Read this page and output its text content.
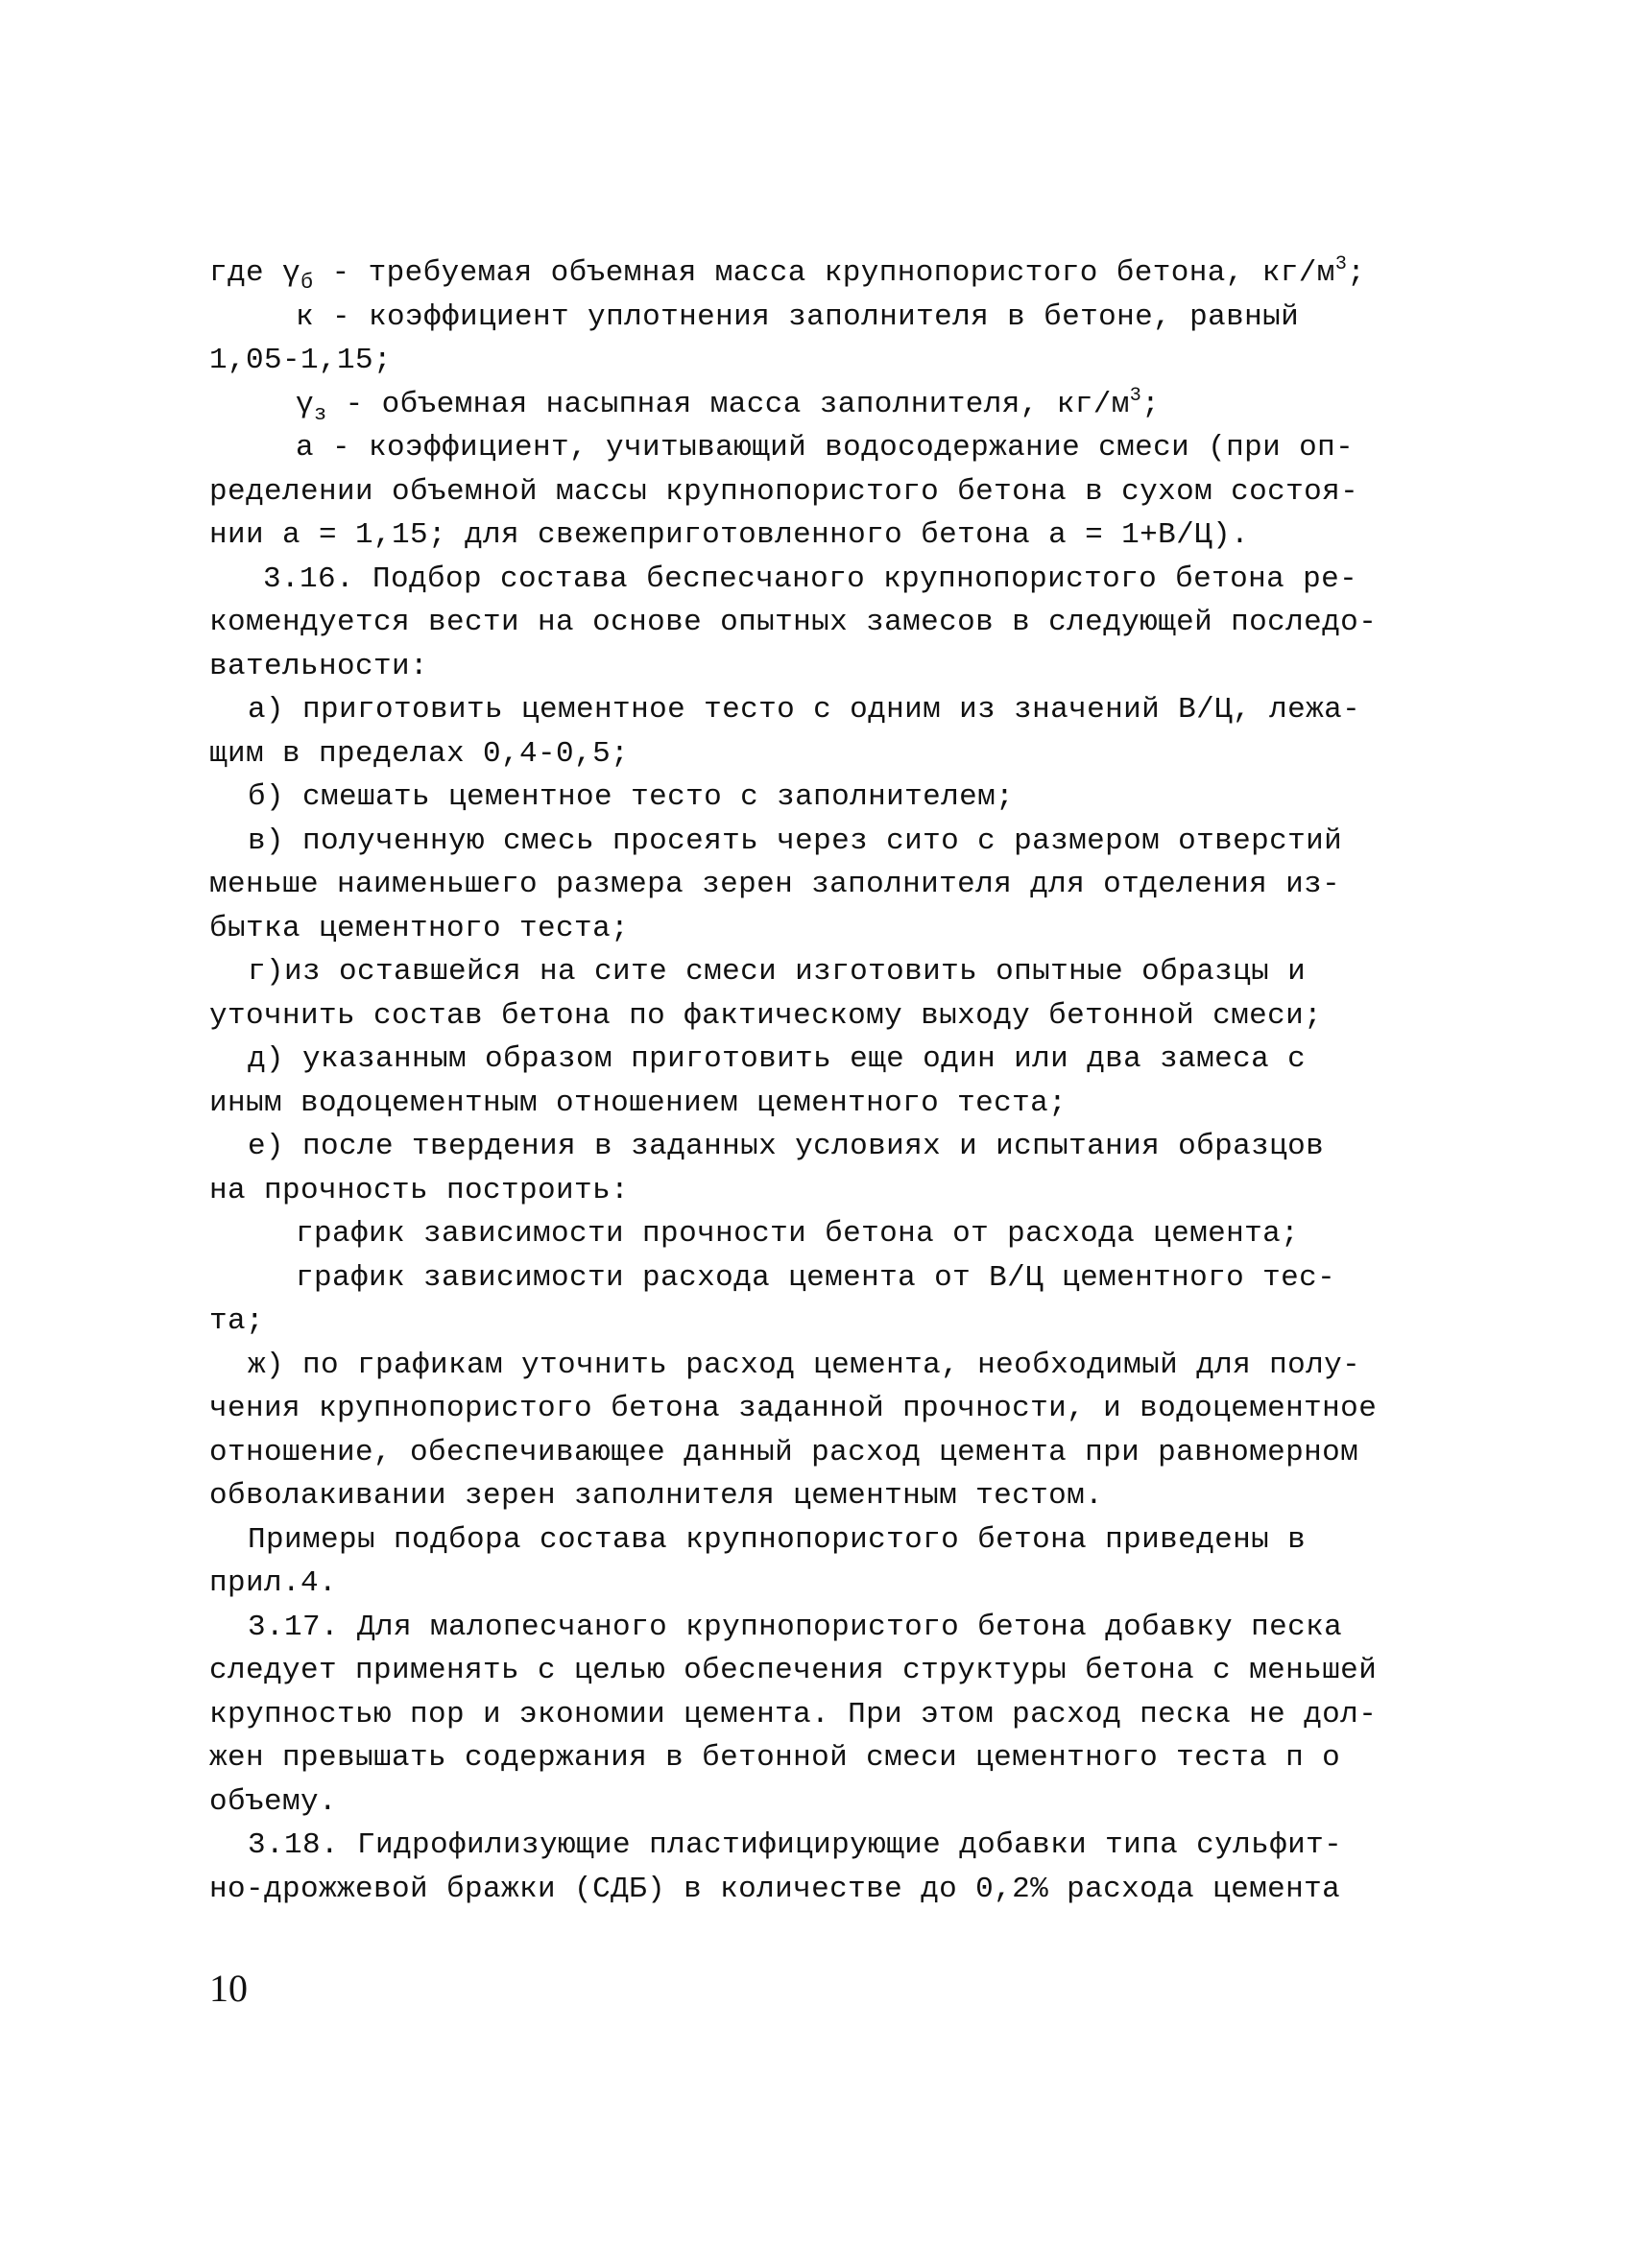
где $\gamma_б$ - требуемая объемная масса крупнопористого бетона, $кг/м^3$;
к - коэффициент уплотнения заполнителя в бетоне, равный
1,05-1,15;
$\gamma_з$ - объемная насыпная масса заполнителя, $кг/м^3$;
а - коэффициент, учитывающий водосодержание смеси (при оп-
ределении объемной массы крупнопористого бетона в сухом состоя-
нии а = 1,15; для свежеприготовленного бетона а = 1+В/Ц).
3.16. Подбор состава беспесчаного крупнопористого бетона ре-
комендуется вести на основе опытных замесов в следующей последо-
вательности:
а) приготовить цементное тесто с одним из значений В/Ц, лежа-
щим в пределах 0,4-0,5;
б) смешать цементное тесто с заполнителем;
в) полученную смесь просеять через сито с размером отверстий
меньше наименьшего размера зерен заполнителя для отделения из-
бытка цементного теста;
г)из оставшейся на сите смеси изготовить опытные образцы и
уточнить состав бетона по фактическому выходу бетонной смеси;
д) указанным образом приготовить еще один или два замеса с
иным водоцементным отношением цементного теста;
е) после твердения в заданных условиях и испытания образцов
на прочность построить:
график зависимости прочности бетона от расхода цемента;
график зависимости расхода цемента от В/Ц цементного тес-
та;
ж) по графикам уточнить расход цемента, необходимый для полу-
чения крупнопористого бетона заданной прочности, и водоцементное
отношение, обеспечивающее данный расход цемента при равномерном
обволакивании зерен заполнителя цементным тестом.
Примеры подбора состава крупнопористого бетона приведены в
прил.4.
3.17. Для малопесчаного крупнопористого бетона добавку песка
следует применять с целью обеспечения структуры бетона с меньшей
крупностью пор и экономии цемента. При этом расход песка не дол-
жен превышать содержания в бетонной смеси цементного теста п о
объему.
3.18. Гидрофилизующие пластифицирующие добавки типа сульфит-
но-дрожжевой бражки (СДБ) в количестве до 0,2% расхода цемента
10
